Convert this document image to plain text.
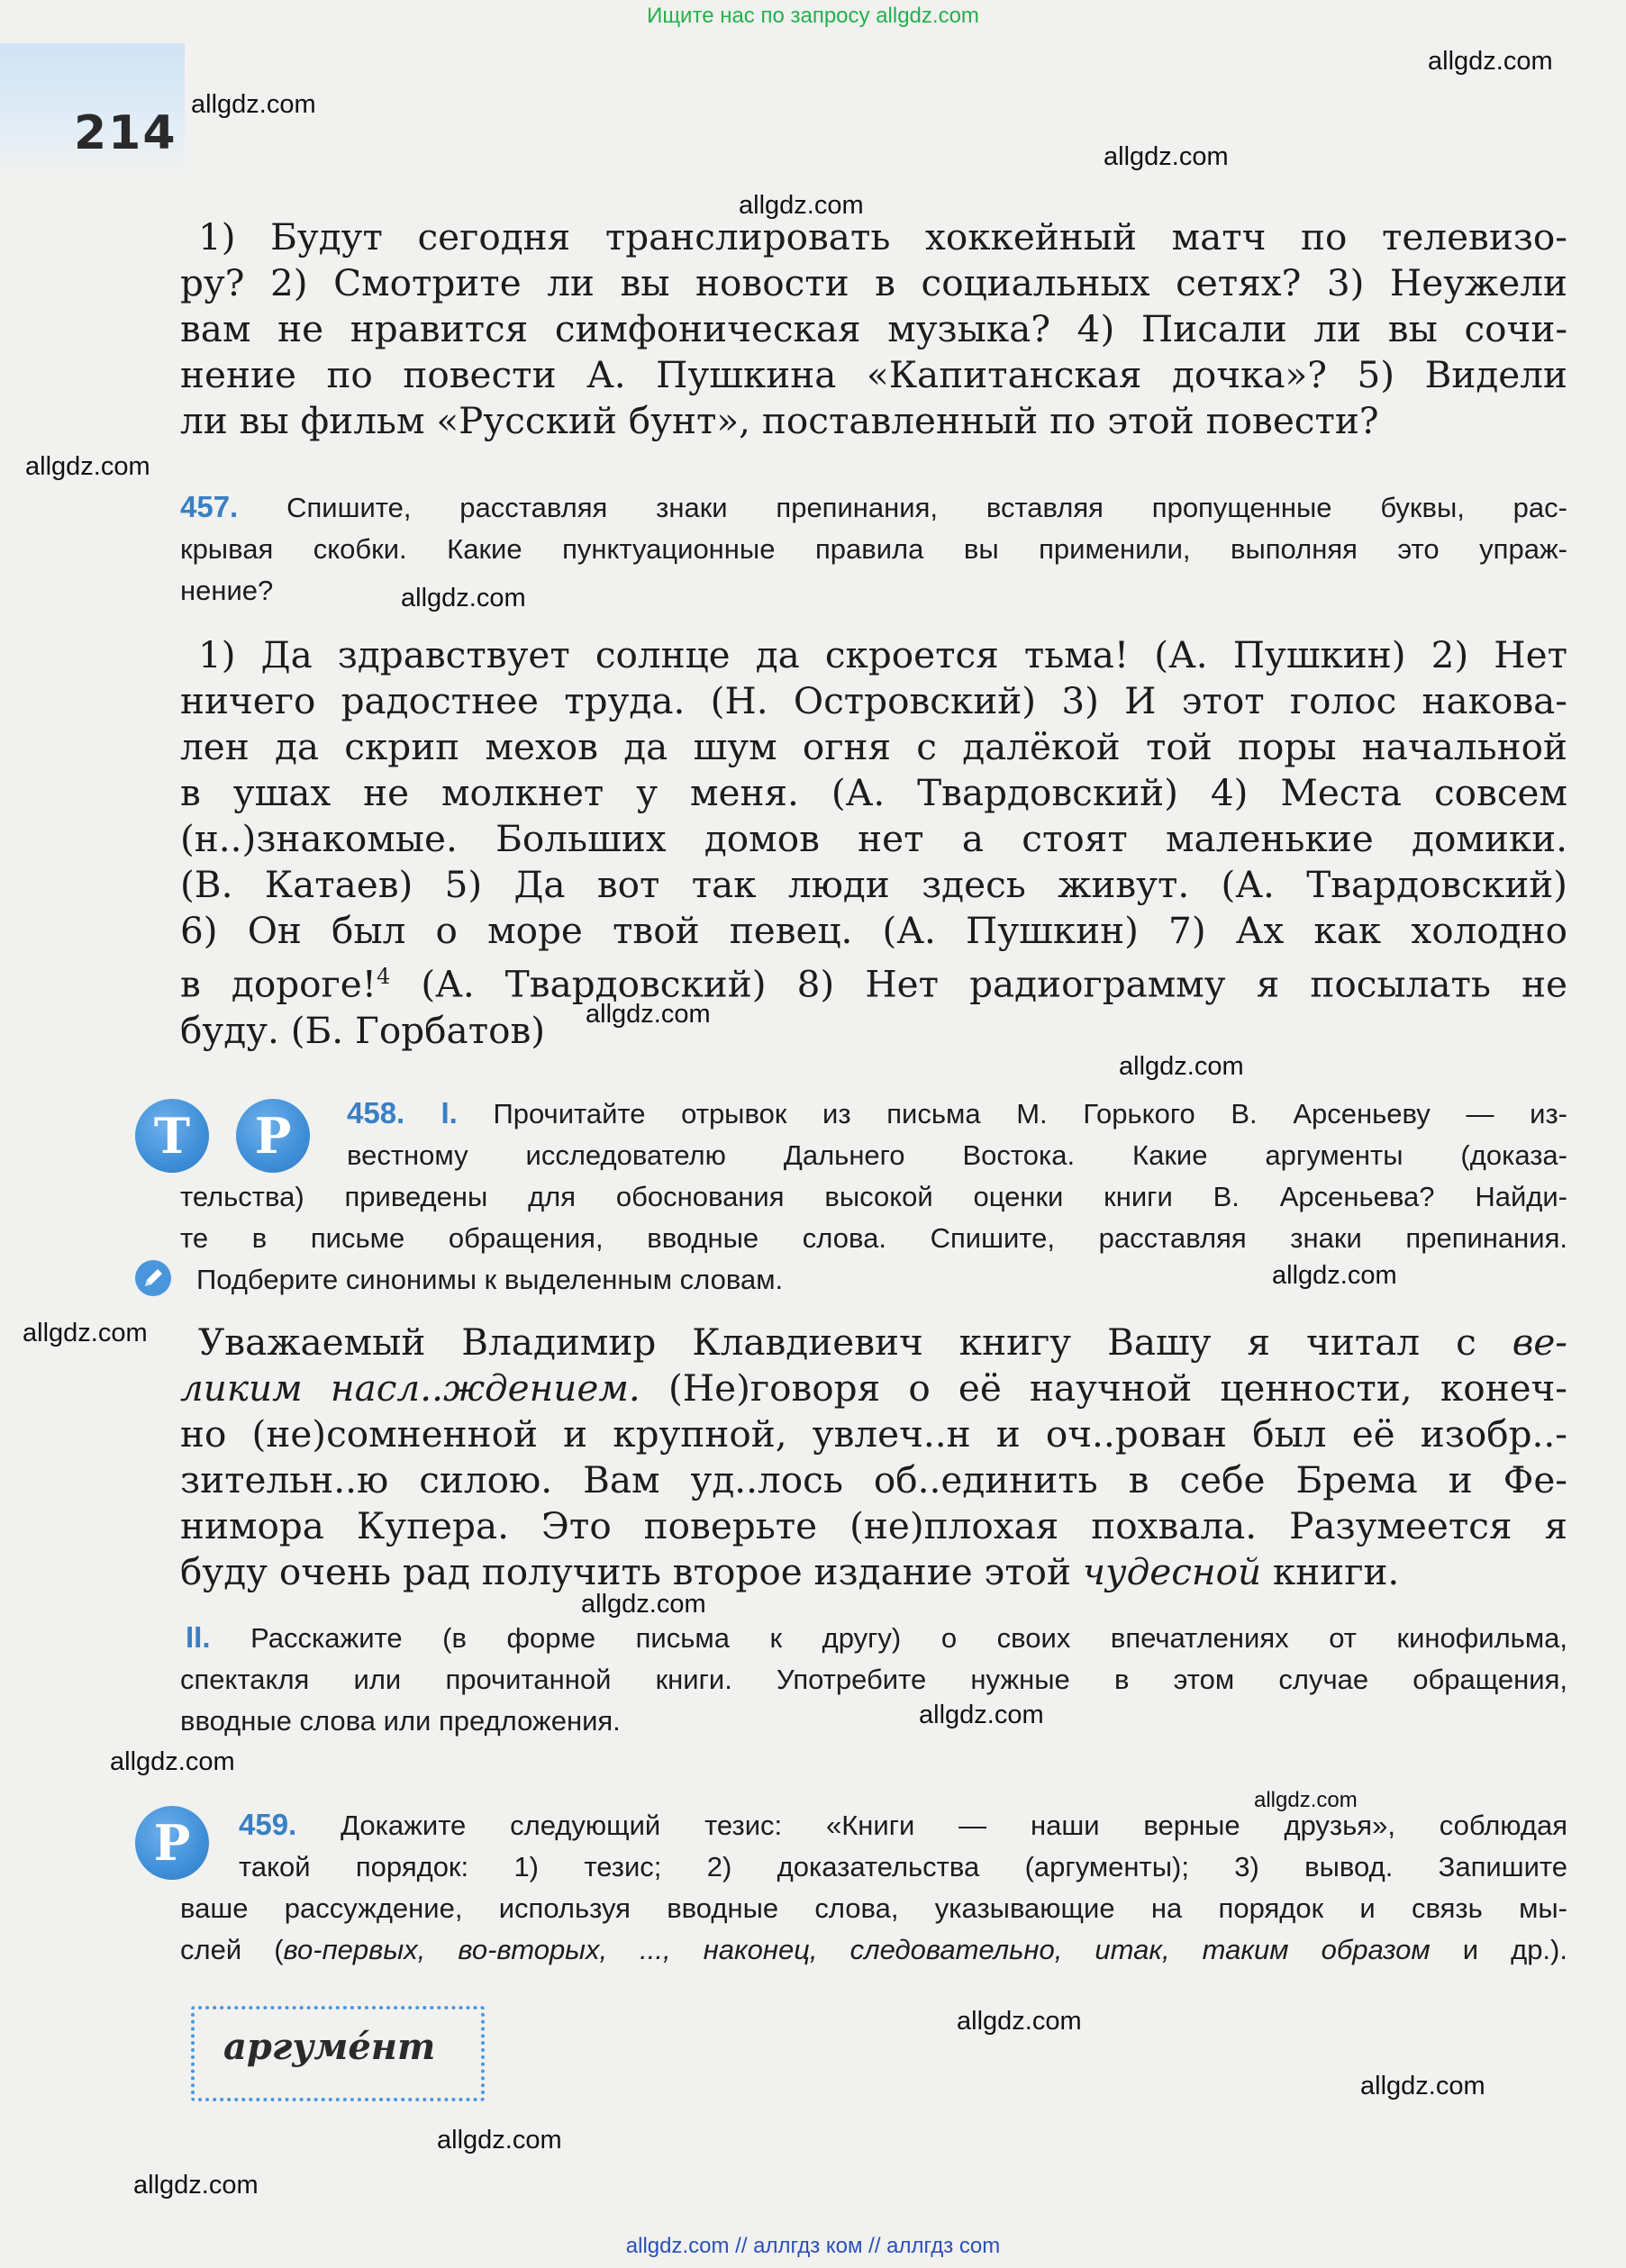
Ищите нас по запросу allgdz.com
214
allgdz.com
allgdz.com
allgdz.com
allgdz.com
allgdz.com
allgdz.com
allgdz.com
allgdz.com
allgdz.com
allgdz.com
allgdz.com
allgdz.com
allgdz.com
allgdz.com
allgdz.com
allgdz.com
allgdz.com
allgdz.com
1) Будут сегодня транслировать хоккейный матч по телевизо-
ру? 2) Смотрите ли вы новости в социальных сетях? 3) Неужели
вам не нравится симфоническая музыка? 4) Писали ли вы сочи-
нение по повести А. Пушкина «Капитанская дочка»? 5) Видели
ли вы фильм «Русский бунт», поставленный по этой повести?
457. Спишите, расставляя знаки препинания, вставляя пропущенные буквы, рас-
крывая скобки. Какие пунктуационные правила вы применили, выполняя это упраж-
нение?
1) Да здравствует солнце да скроется тьма! (А. Пушкин) 2) Нет
ничего радостнее труда. (Н. Островский) 3) И этот голос накова-
лен да скрип мехов да шум огня с далёкой той поры начальной
в ушах не молкнет у меня. (А. Твардовский) 4) Места совсем
(н..)знакомые. Больших домов нет а стоят маленькие домики.
(В. Катаев) 5) Да вот так люди здесь живут. (А. Твардовский)
6) Он был о море твой певец. (А. Пушкин) 7) Ах как холодно
в дороге!$^4$ (А. Твардовский) 8) Нет радиограмму я посылать не
буду. (Б. Горбатов)
Т	Р	458. I. Прочитайте отрывок из письма М. Горького В. Арсеньеву — из-
вестному исследователю Дальнего Востока. Какие аргументы (доказа-
тельства) приведены для обоснования высокой оценки книги В. Арсеньева? Найди-
те в письме обращения, вводные слова. Спишите, расставляя знаки препинания.
Подберите синонимы к выделенным словам.
Уважаемый Владимир Клавдиевич книгу Вашу я читал с ве-
ликим насл..ждением. (Не)говоря о её научной ценности, конеч-
но (не)сомненной и крупной, увлеч..н и оч..рован был её изобр..-
зительн..ю силою. Вам уд..лось об..единить в себе Брема и Фе-
нимора Купера. Это поверьте (не)плохая похвала. Разумеется я
буду очень рад получить второе издание этой чудесной книги.
II. Расскажите (в форме письма к другу) о своих впечатлениях от кинофильма,
спектакля или прочитанной книги. Употребите нужные в этом случае обращения,
вводные слова или предложения.
Р	459. Докажите следующий тезис: «Книги — наши верные друзья», соблюдая
такой порядок: 1) тезис; 2) доказательства (аргументы); 3) вывод. Запишите
ваше рассуждение, используя вводные слова, указывающие на порядок и связь мы-
слей (во-первых, во-вторых, ..., наконец, следовательно, итак, таким образом и др.).
аргумéнт
allgdz.com // аллгдз ком // аллгдз com
